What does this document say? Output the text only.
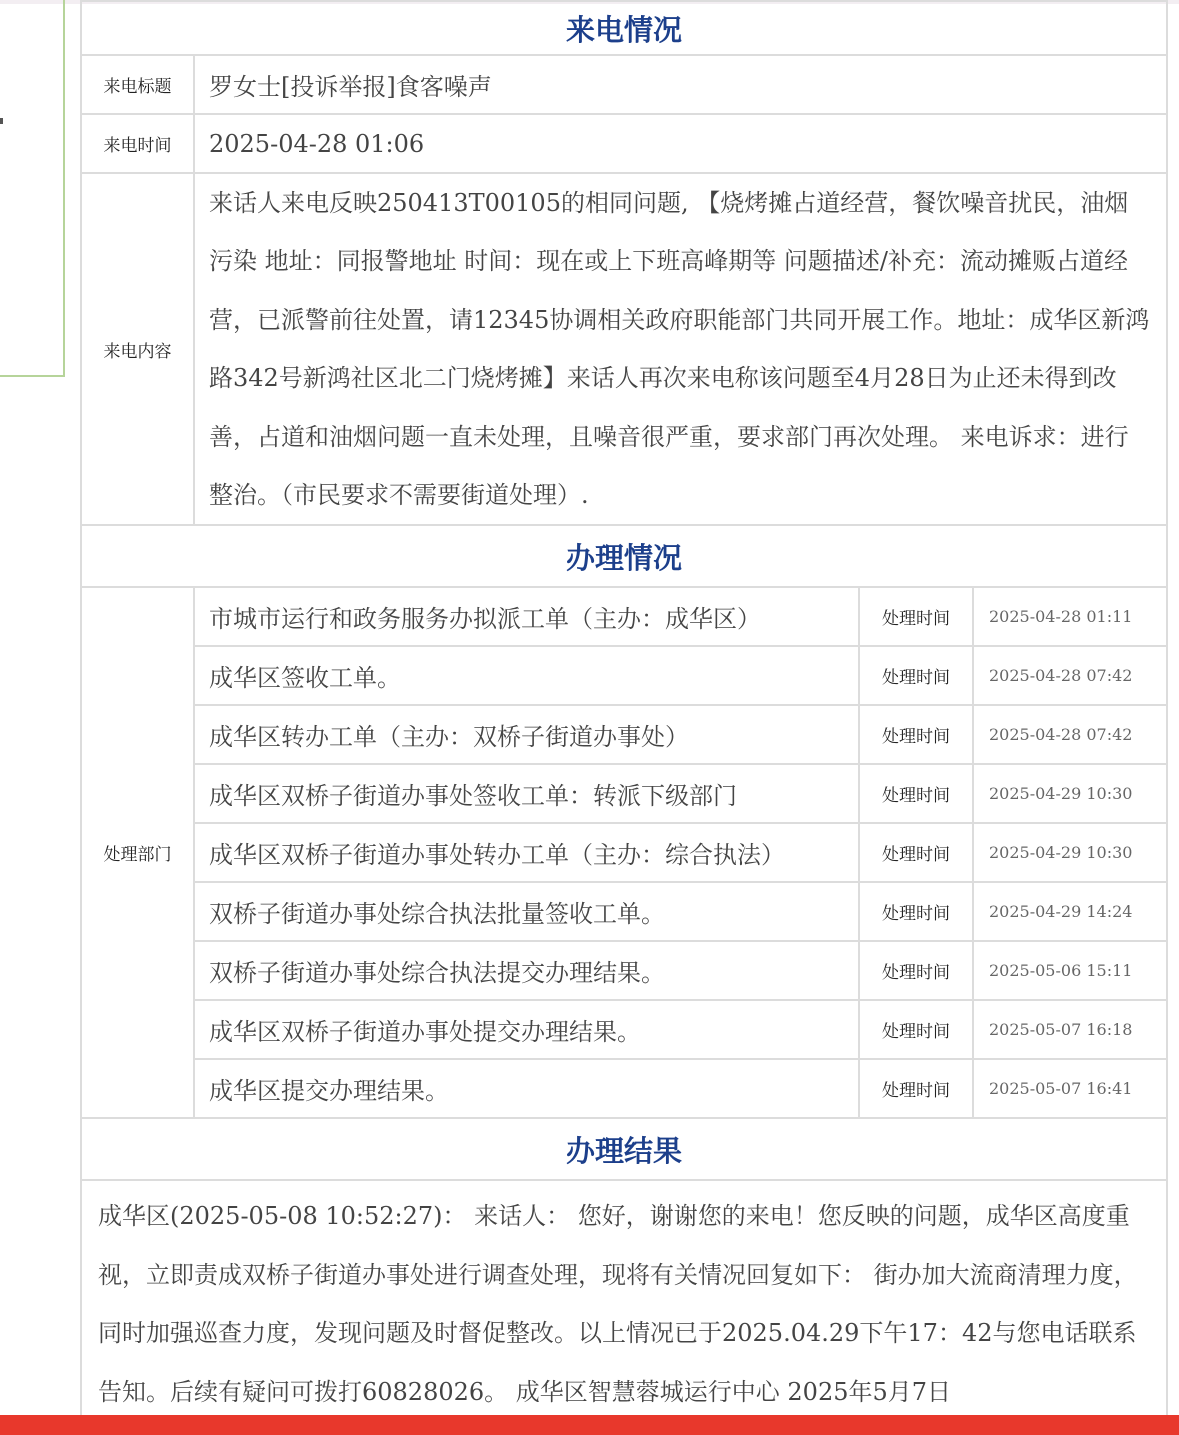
来电情况			
来电标题	罗女士[投诉举报]食客噪声		
来电时间	2025-04-28 01:06		
来电内容	来话人来电反映250413T00105的相同问题, 【烧烤摊占道经营，餐饮噪音扰民，油烟污染 地址：同报警地址 时间：现在或上下班高峰期等 问题描述/补充：流动摊贩占道经营，已派警前往处置，请12345协调相关政府职能部门共同开展工作。地址：成华区新鸿路342号新鸿社区北二门烧烤摊】来话人再次来电称该问题至4月28日为止还未得到改善，占道和油烟问题一直未处理，且噪音很严重，要求部门再次处理。 来电诉求：进行整治。（市民要求不需要街道处理）.		
办理情况			
处理部门	市城市运行和政务服务办拟派工单（主办：成华区）	处理时间	2025-04-28 01:11
	成华区签收工单。	处理时间	2025-04-28 07:42
	成华区转办工单（主办：双桥子街道办事处）	处理时间	2025-04-28 07:42
	成华区双桥子街道办事处签收工单：转派下级部门	处理时间	2025-04-29 10:30
	成华区双桥子街道办事处转办工单（主办：综合执法）	处理时间	2025-04-29 10:30
	双桥子街道办事处综合执法批量签收工单。	处理时间	2025-04-29 14:24
	双桥子街道办事处综合执法提交办理结果。	处理时间	2025-05-06 15:11
	成华区双桥子街道办事处提交办理结果。	处理时间	2025-05-07 16:18
	成华区提交办理结果。	处理时间	2025-05-07 16:41
办理结果			
成华区(2025-05-08 10:52:27)： 来话人： 您好，谢谢您的来电！您反映的问题，成华区高度重视，立即责成双桥子街道办事处进行调查处理，现将有关情况回复如下： 街办加大流商清理力度，同时加强巡查力度，发现问题及时督促整改。以上情况已于2025.04.29下午17：42与您电话联系告知。后续有疑问可拨打60828026。 成华区智慧蓉城运行中心 2025年5月7日			
